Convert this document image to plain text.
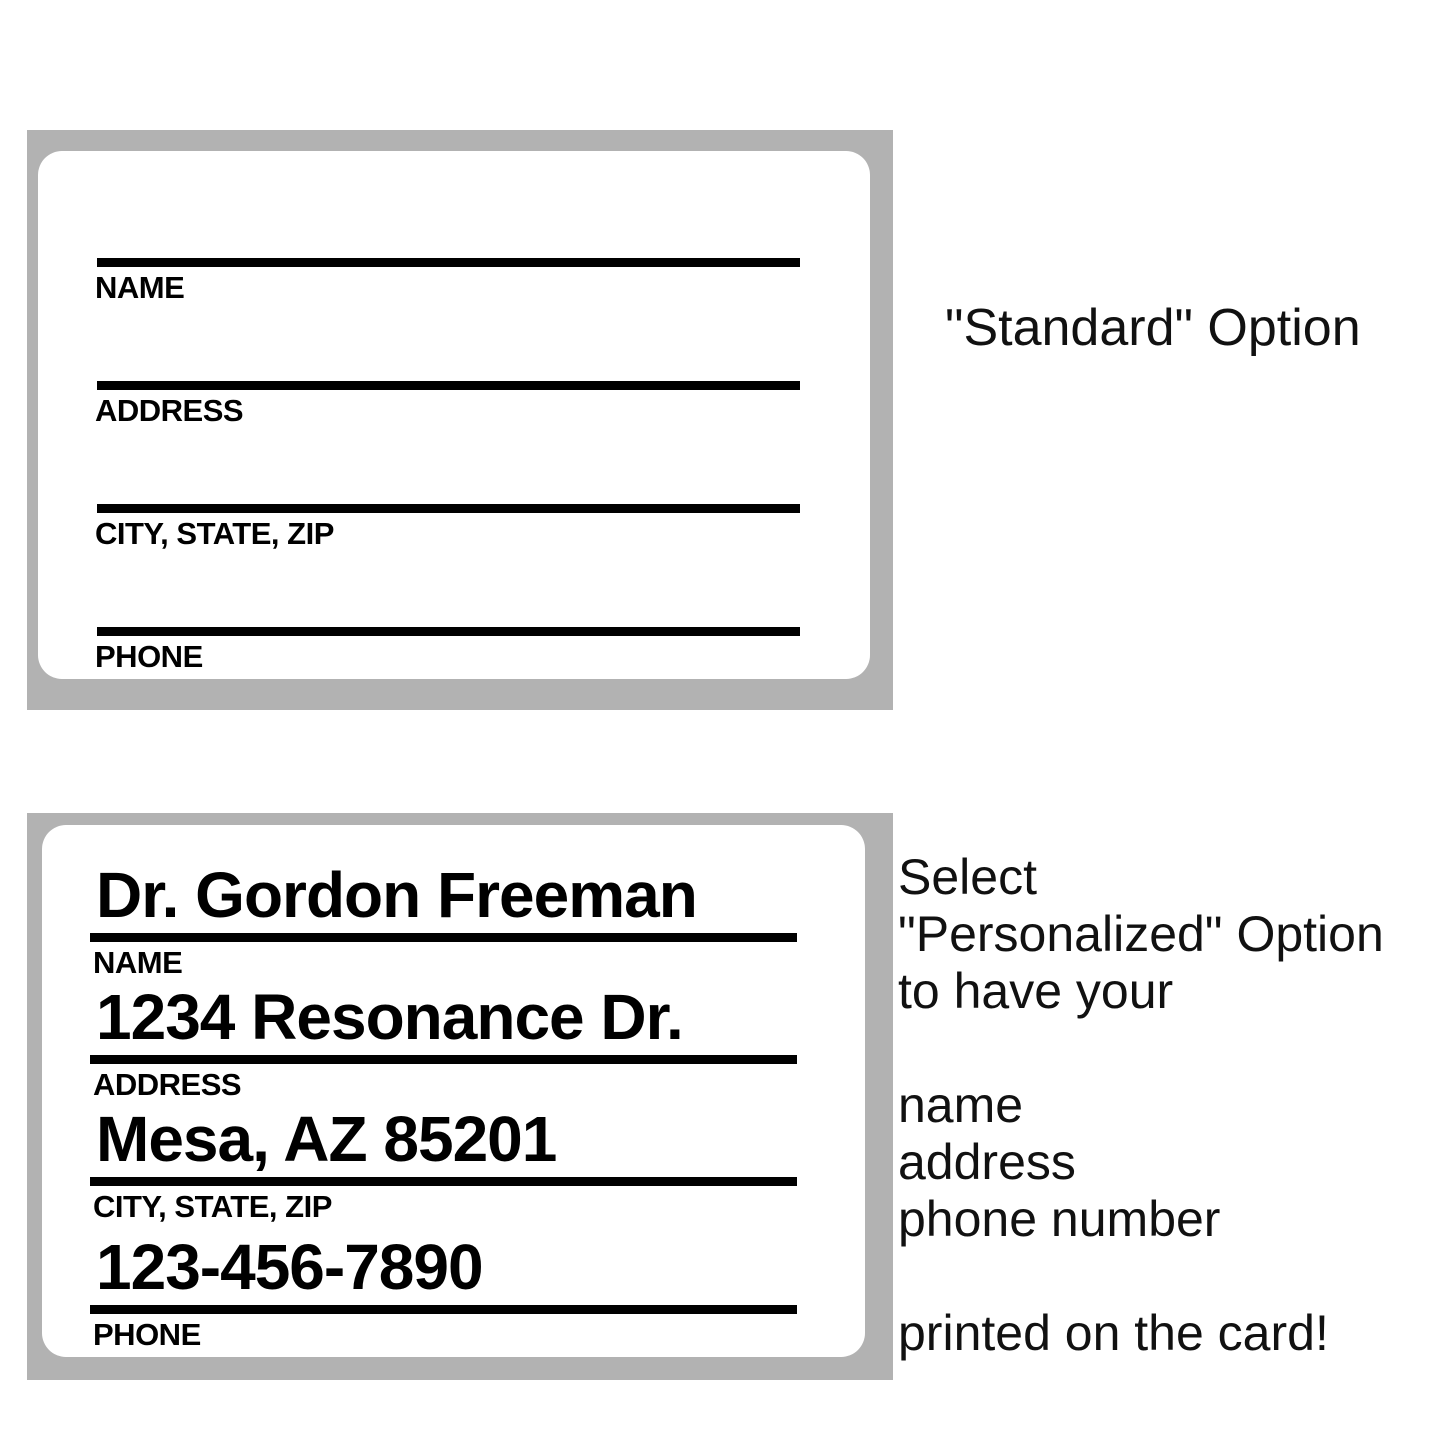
NAME
ADDRESS
CITY, STATE, ZIP
PHONE
"Standard" Option
Dr. Gordon Freeman
NAME
1234 Resonance Dr.
ADDRESS
Mesa, AZ 85201
CITY, STATE, ZIP
123-456-7890
PHONE
Select
"Personalized" Option
to have your
name
address
phone number
printed on the card!
